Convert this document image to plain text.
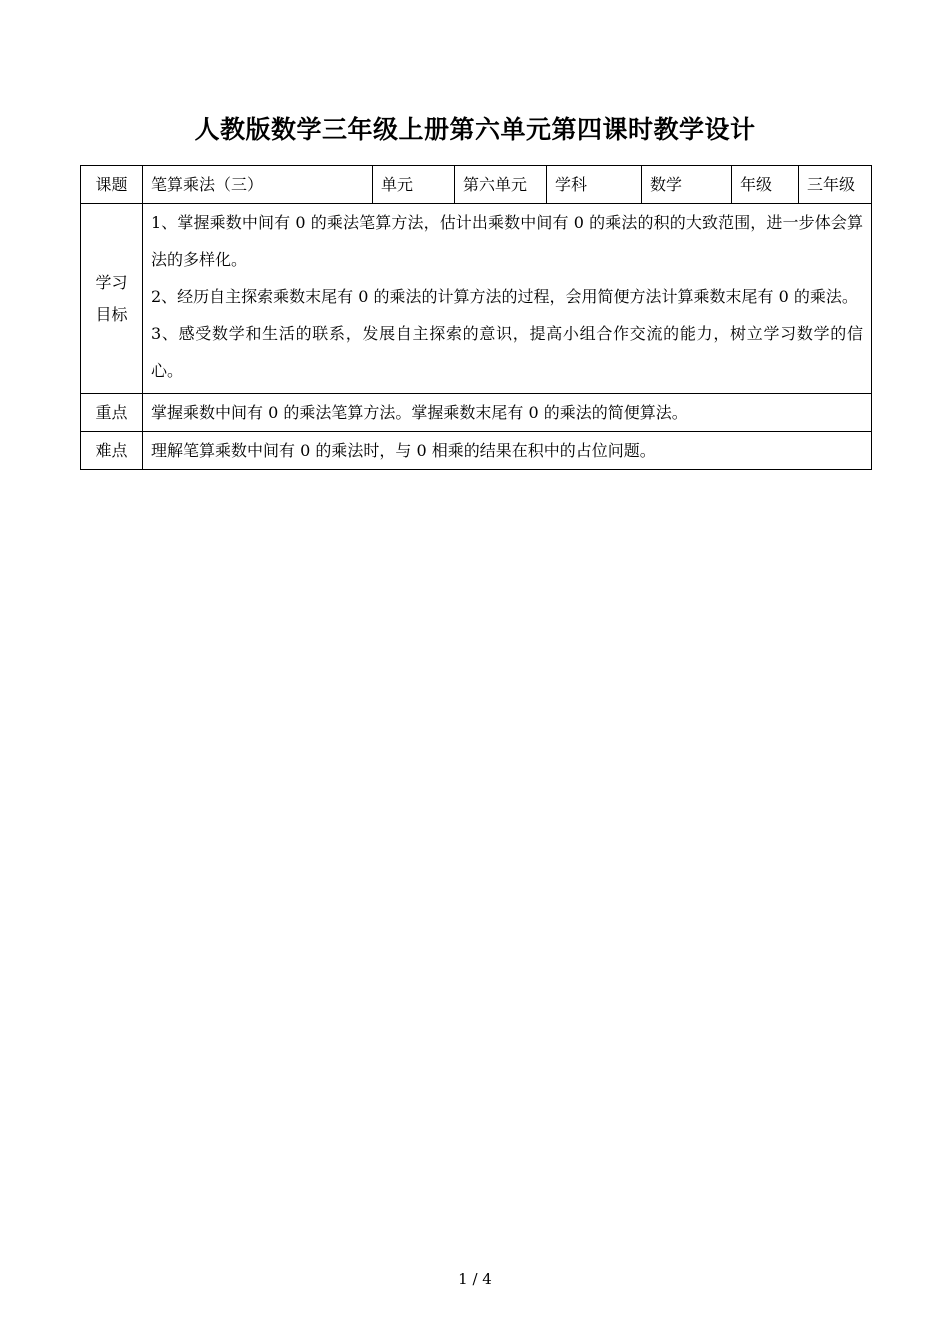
人教版数学三年级上册第六单元第四课时教学设计
课题	笔算乘法（三）	单元	第六单元	学科	数学	年级	三年级
学习
目标	1、掌握乘数中间有 0 的乘法笔算方法，估计出乘数中间有 0 的乘法的积的大致范围，进一步体会算法的多样化。
2、经历自主探索乘数末尾有 0 的乘法的计算方法的过程，会用简便方法计算乘数末尾有 0 的乘法。
3、感受数学和生活的联系，发展自主探索的意识，提高小组合作交流的能力，树立学习数学的信心。						

重点	掌握乘数中间有 0 的乘法笔算方法。掌握乘数末尾有 0 的乘法的简便算法。						
难点	理解笔算乘数中间有 0 的乘法时，与 0 相乘的结果在积中的占位问题。						
1 / 4
